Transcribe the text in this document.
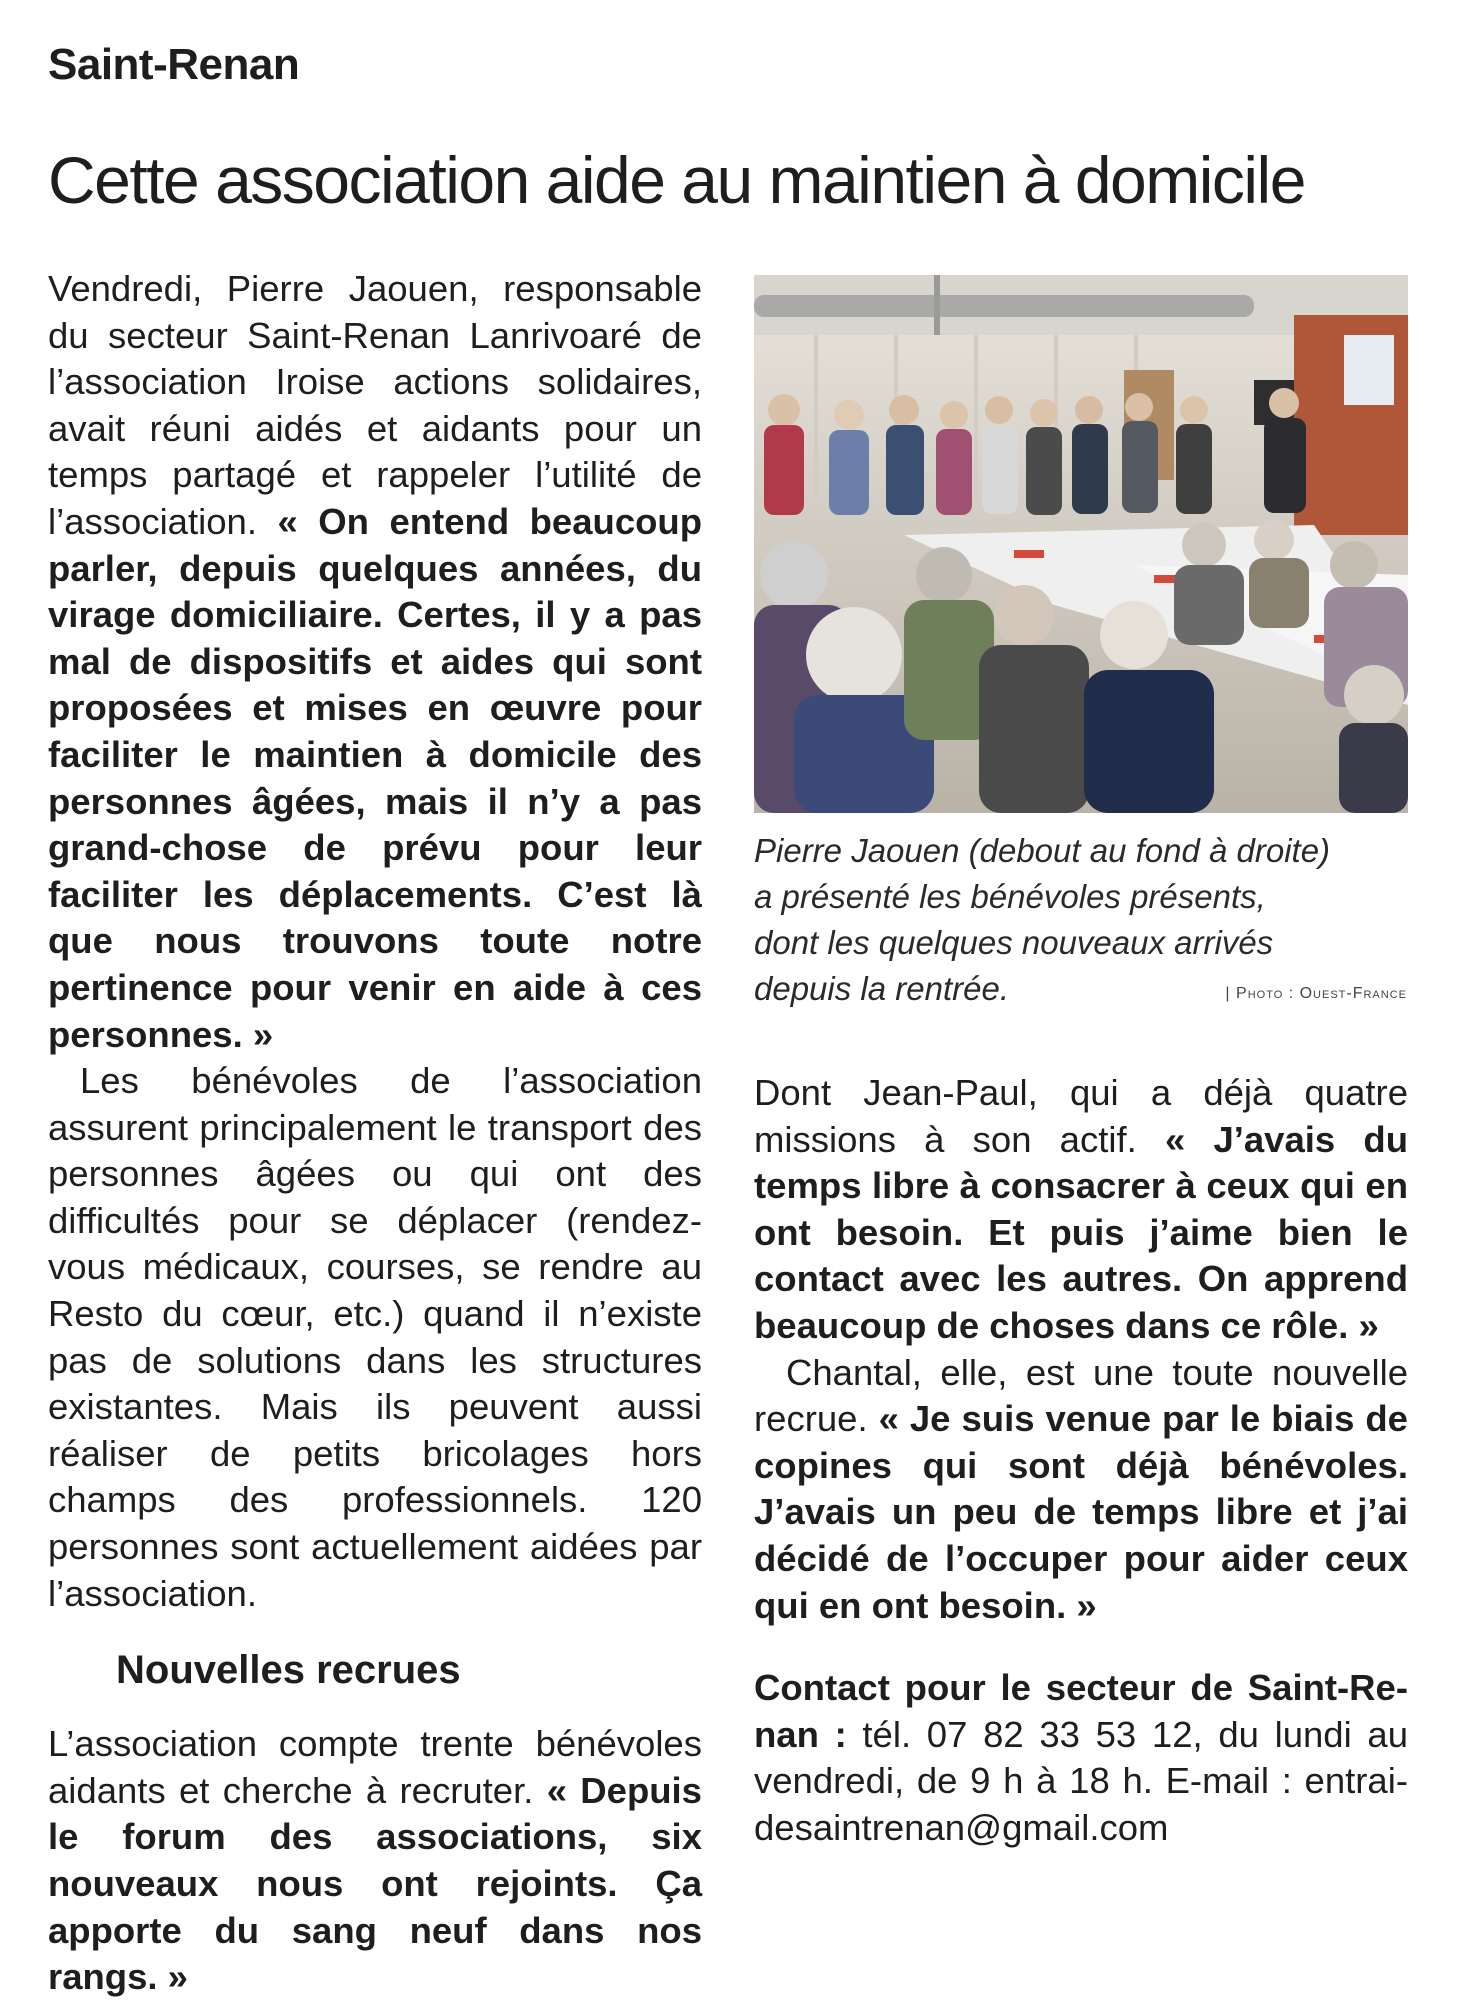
Saint-Renan
Cette association aide au maintien à domicile

Vendredi, Pierre Jaouen, responsable du secteur Saint-Renan Lanrivoaré de l’association Iroise actions solidaires, avait réuni aidés et aidants pour un temps partagé et rappeler l’utilité de l’association. « On entend beaucoup parler, depuis quelques années, du virage domiciliaire. Certes, il y a pas mal de dispositifs et aides qui sont proposées et mises en œuvre pour faciliter le maintien à domicile des personnes âgées, mais il n’y a pas grand-chose de prévu pour leur faciliter les déplacements. C’est là que nous trouvons toute notre pertinence pour venir en aide à ces personnes. »

Les bénévoles de l’association assurent principalement le transport des personnes âgées ou qui ont des difficultés pour se déplacer (rendez-vous médicaux, courses, se rendre au Resto du cœur, etc.) quand il n’existe pas de solutions dans les structures existantes. Mais ils peuvent aussi réaliser de petits bricolages hors champs des professionnels. 120 personnes sont actuellement aidées par l’association.

Nouvelles recrues

L’association compte trente bénévoles aidants et cherche à recruter. « Depuis le forum des associations, six nouveaux nous ont rejoints. Ça apporte du sang neuf dans nos rangs. »

Pierre Jaouen (debout au fond à droite)

a présenté les bénévoles présents,

dont les quelques nouveaux arrivés

depuis la rentrée.	| Photo : Ouest-France

Dont Jean-Paul, qui a déjà quatre missions à son actif. « J’avais du temps libre à consacrer à ceux qui en ont besoin. Et puis j’aime bien le contact avec les autres. On apprend beaucoup de choses dans ce rôle. »

Chantal, elle, est une toute nouvelle recrue. « Je suis venue par le biais de copines qui sont déjà bénévoles. J’avais un peu de temps libre et j’ai décidé de l’occuper pour aider ceux qui en ont besoin. »

Contact pour le secteur de Saint-Renan : tél. 07 82 33 53 12, du lundi au vendredi, de 9 h à 18 h. E-mail : entraidesaintrenan@gmail.com
